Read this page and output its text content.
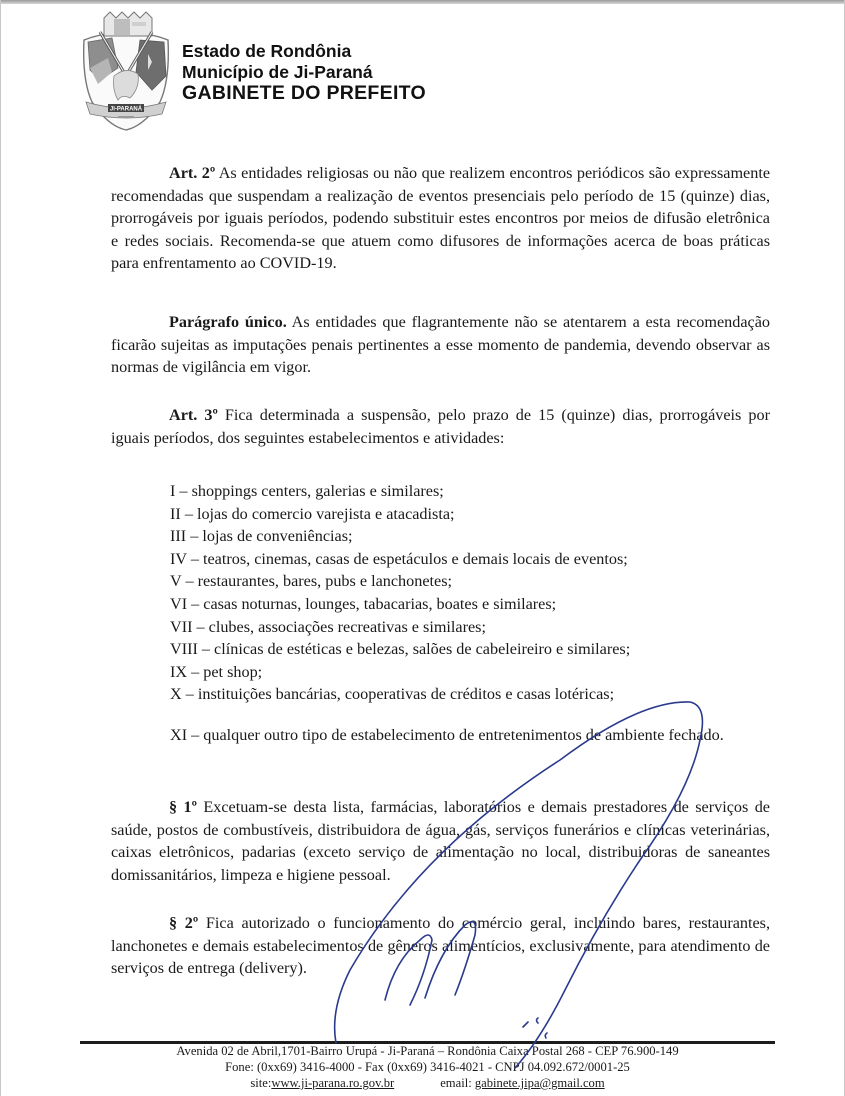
JI-PARANÁ
Estado de Rondônia
Município de Ji-Paraná
GABINETE DO PREFEITO

Art. 2º As entidades religiosas ou não que realizem encontros periódicos são expressamente recomendadas que suspendam a realização de eventos presenciais pelo período de 15 (quinze) dias, prorrogáveis por iguais períodos, podendo substituir estes encontros por meios de difusão eletrônica e redes sociais. Recomenda-se que atuem como difusores de informações acerca de boas práticas para enfrentamento ao COVID-19.

Parágrafo único. As entidades que flagrantemente não se atentarem a esta recomendação ficarão sujeitas as imputações penais pertinentes a esse momento de pandemia, devendo observar as normas de vigilância em vigor.

Art. 3º Fica determinada a suspensão, pelo prazo de 15 (quinze) dias, prorrogáveis por iguais períodos, dos seguintes estabelecimentos e atividades:

I – shoppings centers, galerias e similares;
II – lojas do comercio varejista e atacadista;
III – lojas de conveniências;
IV – teatros, cinemas, casas de espetáculos e demais locais de eventos;
V – restaurantes, bares, pubs e lanchonetes;
VI – casas noturnas, lounges, tabacarias, boates e similares;
VII – clubes, associações recreativas e similares;
VIII – clínicas de estéticas e belezas, salões de cabeleireiro e similares;
IX – pet shop;
X – instituições bancárias, cooperativas de créditos e casas lotéricas;
XI – qualquer outro tipo de estabelecimento de entretenimentos de ambiente fechado.

§ 1º Excetuam-se desta lista, farmácias, laboratórios e demais prestadores de serviços de saúde, postos de combustíveis, distribuidora de água, gás, serviços funerários e clínicas veterinárias, caixas eletrônicos, padarias (exceto serviço de alimentação no local, distribuidoras de saneantes domissanitários, limpeza e higiene pessoal.

§ 2º Fica autorizado o funcionamento do comércio geral, incluindo bares, restaurantes, lanchonetes e demais estabelecimentos de gêneros alimentícios, exclusivamente, para atendimento de serviços de entrega (delivery).

Avenida 02 de Abril,1701-Bairro Urupá - Ji-Paraná – Rondônia Caixa Postal 268 - CEP 76.900-149
Fone: (0xx69) 3416-4000 - Fax (0xx69) 3416-4021 - CNPJ 04.092.672/0001-25
site:www.ji-parana.ro.gov.br	email: gabinete.jipa@gmail.com
